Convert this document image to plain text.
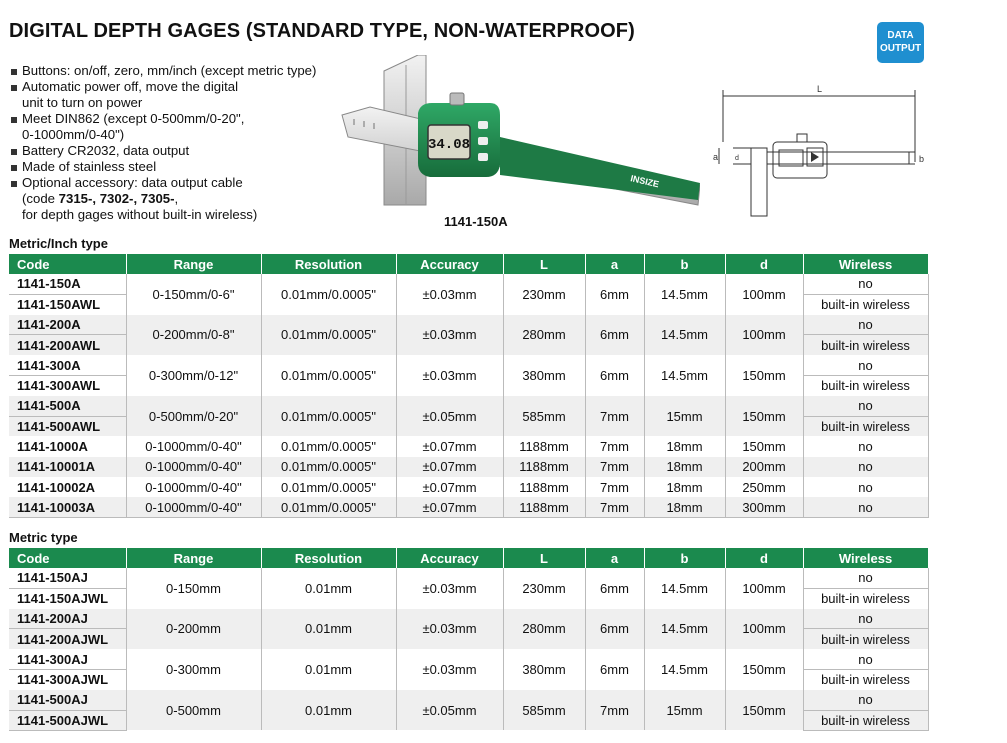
DIGITAL DEPTH GAGES (STANDARD TYPE, NON-WATERPROOF)	DATA
OUTPUT
Buttons: on/off, zero, mm/inch (except metric type)
Automatic power off, move the digital
unit to turn on power
Meet DIN862 (except 0-500mm/0-20",
0-1000mm/0-40")
Battery CR2032, data output
Made of stainless steel
Optional accessory: data output cable
(code 7315-, 7302-, 7305-,
for depth gages without built-in wireless)
34.08
INSIZE
1141-150A
L
a	b
d
Metric/Inch type
Code	Range	Resolution	Accuracy	L	a	b	d	Wireless
1141-150A	0-150mm/0-6"	0.01mm/0.0005"	±0.03mm	230mm	6mm	14.5mm	100mm	no
1141-150AWL								built-in wireless
1141-200A	0-200mm/0-8"	0.01mm/0.0005"	±0.03mm	280mm	6mm	14.5mm	100mm	no
1141-200AWL								built-in wireless
1141-300A	0-300mm/0-12"	0.01mm/0.0005"	±0.03mm	380mm	6mm	14.5mm	150mm	no
1141-300AWL								built-in wireless
1141-500A	0-500mm/0-20"	0.01mm/0.0005"	±0.05mm	585mm	7mm	15mm	150mm	no
1141-500AWL								built-in wireless
1141-1000A	0-1000mm/0-40"	0.01mm/0.0005"	±0.07mm	1188mm	7mm	18mm	150mm	no
1141-10001A	0-1000mm/0-40"	0.01mm/0.0005"	±0.07mm	1188mm	7mm	18mm	200mm	no
1141-10002A	0-1000mm/0-40"	0.01mm/0.0005"	±0.07mm	1188mm	7mm	18mm	250mm	no
1141-10003A	0-1000mm/0-40"	0.01mm/0.0005"	±0.07mm	1188mm	7mm	18mm	300mm	no
Metric type
Code	Range	Resolution	Accuracy	L	a	b	d	Wireless
1141-150AJ	0-150mm	0.01mm	±0.03mm	230mm	6mm	14.5mm	100mm	no
1141-150AJWL								built-in wireless
1141-200AJ	0-200mm	0.01mm	±0.03mm	280mm	6mm	14.5mm	100mm	no
1141-200AJWL								built-in wireless
1141-300AJ	0-300mm	0.01mm	±0.03mm	380mm	6mm	14.5mm	150mm	no
1141-300AJWL								built-in wireless
1141-500AJ	0-500mm	0.01mm	±0.05mm	585mm	7mm	15mm	150mm	no
1141-500AJWL								built-in wireless
